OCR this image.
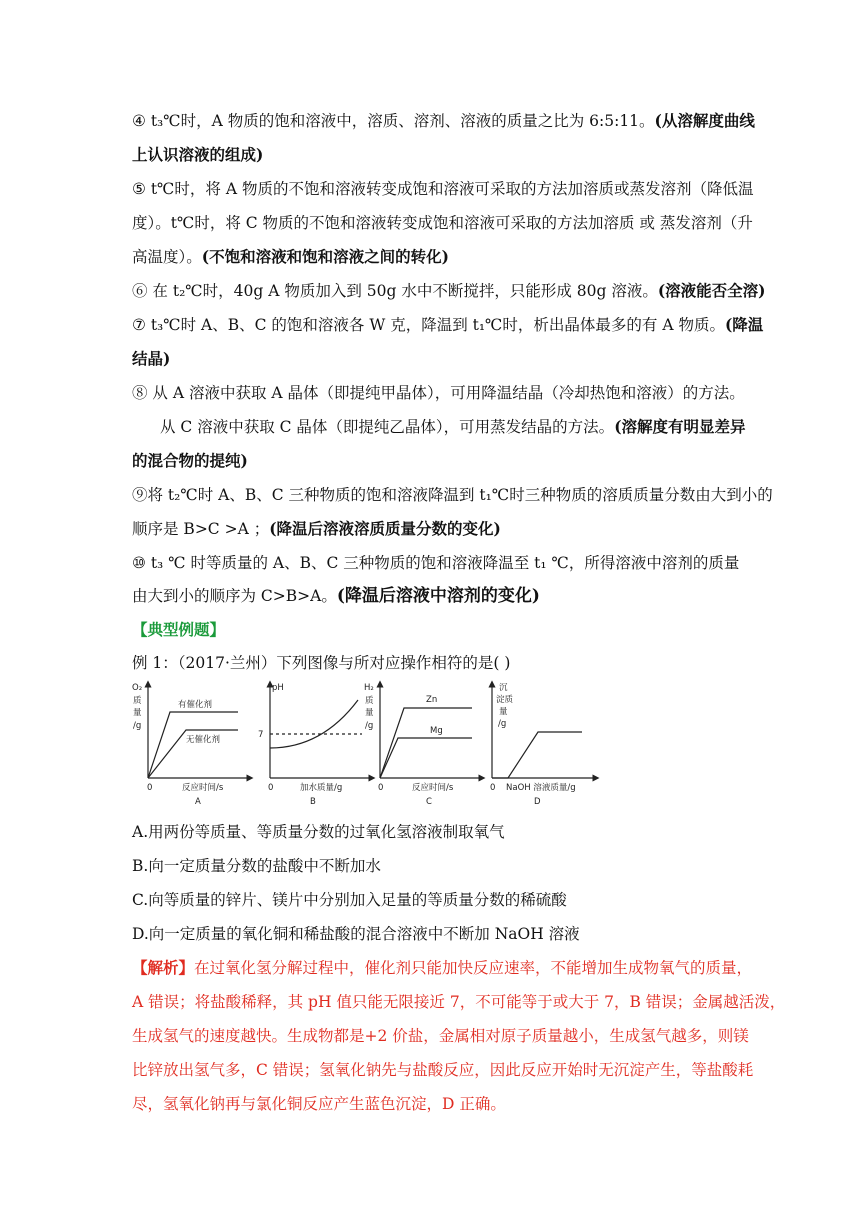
④ t₃℃时，A 物质的饱和溶液中，溶质、溶剂、溶液的质量之比为 6:5:11。(从溶解度曲线
上认识溶液的组成)
⑤ t℃时，将 A 物质的不饱和溶液转变成饱和溶液可采取的方法加溶质或蒸发溶剂（降低温
度）。t℃时，将 C 物质的不饱和溶液转变成饱和溶液可采取的方法加溶质 或 蒸发溶剂（升
高温度）。(不饱和溶液和饱和溶液之间的转化)
⑥ 在 t₂℃时，40g A 物质加入到 50g 水中不断搅拌，只能形成 80g 溶液。(溶液能否全溶)
⑦ t₃℃时 A、B、C 的饱和溶液各 W 克，降温到 t₁℃时，析出晶体最多的有 A 物质。(降温
结晶)
⑧ 从 A 溶液中获取 A 晶体（即提纯甲晶体），可用降温结晶（冷却热饱和溶液）的方法。
从 C 溶液中获取 C 晶体（即提纯乙晶体），可用蒸发结晶的方法。(溶解度有明显差异
的混合物的提纯)
⑨将 t₂℃时 A、B、C 三种物质的饱和溶液降温到 t₁℃时三种物质的溶质质量分数由大到小的
顺序是 B>C >A ；(降温后溶液溶质质量分数的变化)
⑩ t₃ ℃ 时等质量的 A、B、C 三种物质的饱和溶液降温至 t₁ ℃，所得溶液中溶剂的质量
由大到小的顺序为 C>B>A。(降温后溶液中溶剂的变化)
【典型例题】
例 1：（2017·兰州）下列图像与所对应操作相符的是( )
O₂
质
量
/g
有催化剂
无催化剂
0	反应时间/s
A
pH
7
0	加水质量/g
B
H₂
质
量
/g
Zn
Mg
0	反应时间/s
C
沉
淀质
量
/g
0 NaOH 溶液质量/g
D
A.用两份等质量、等质量分数的过氧化氢溶液制取氧气
B.向一定质量分数的盐酸中不断加水
C.向等质量的锌片、镁片中分别加入足量的等质量分数的稀硫酸
D.向一定质量的氧化铜和稀盐酸的混合溶液中不断加 NaOH 溶液
【解析】在过氧化氢分解过程中，催化剂只能加快反应速率，不能增加生成物氧气的质量，
A 错误；将盐酸稀释，其 pH 值只能无限接近 7，不可能等于或大于 7，B 错误；金属越活泼，
生成氢气的速度越快。生成物都是+2 价盐，金属相对原子质量越小，生成氢气越多，则镁
比锌放出氢气多，C 错误；氢氧化钠先与盐酸反应，因此反应开始时无沉淀产生，等盐酸耗
尽，氢氧化钠再与氯化铜反应产生蓝色沉淀，D 正确。
